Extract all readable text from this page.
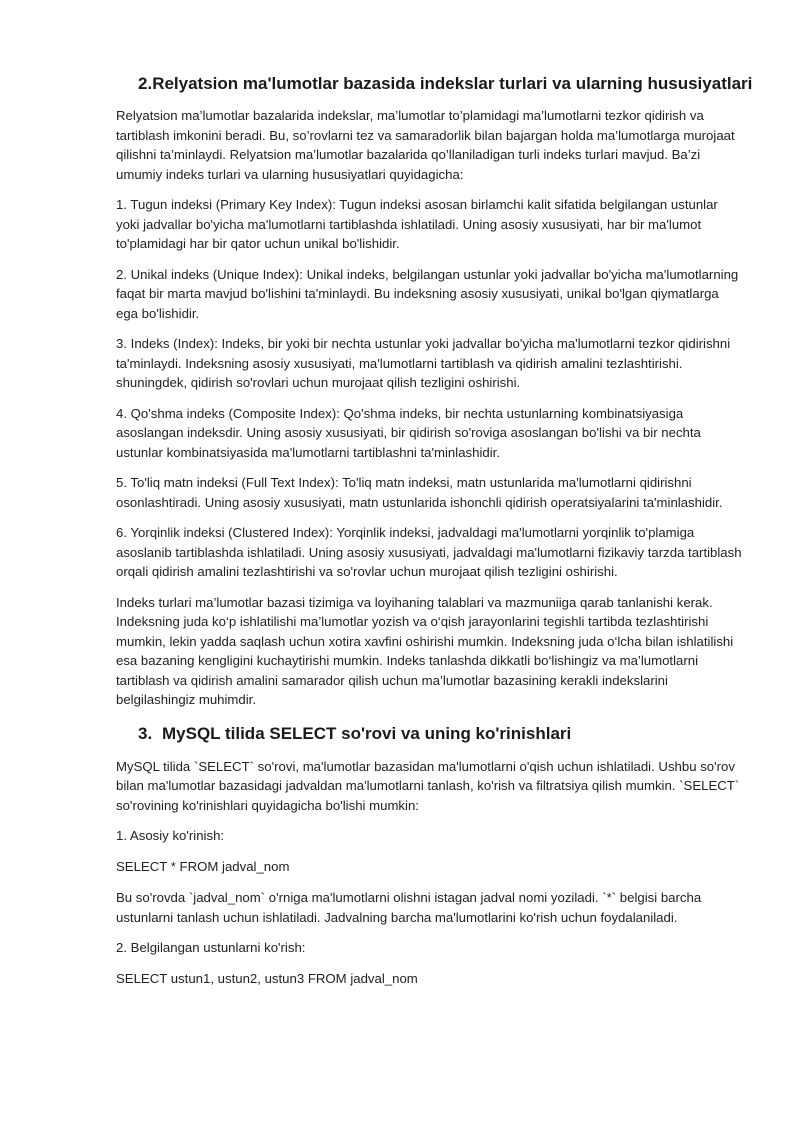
2. Relyatsion ma'lumotlar bazasida indekslar turlari va ularning hususiyatlari

Relyatsion ma’lumotlar bazalarida indekslar, ma’lumotlar to’plamidagi ma’lumotlarni tezkor qidirish va tartiblash imkonini beradi. Bu, so’rovlarni tez va samaradorlik bilan bajargan holda ma’lumotlarga murojaat qilishni ta’minlaydi. Relyatsion ma’lumotlar bazalarida qo’llaniladigan turli indeks turlari mavjud. Ba’zi umumiy indeks turlari va ularning hususiyatlari quyidagicha:

1. Tugun indeksi (Primary Key Index): Tugun indeksi asosan birlamchi kalit sifatida belgilangan ustunlar yoki jadvallar bo'yicha ma'lumotlarni tartiblashda ishlatiladi. Uning asosiy xususiyati, har bir ma'lumot to'plamidagi har bir qator uchun unikal bo'lishidir.

2. Unikal indeks (Unique Index): Unikal indeks, belgilangan ustunlar yoki jadvallar bo'yicha ma'lumotlarning faqat bir marta mavjud bo'lishini ta'minlaydi. Bu indeksning asosiy xususiyati, unikal bo'lgan qiymatlarga ega bo'lishidir.

3. Indeks (Index): Indeks, bir yoki bir nechta ustunlar yoki jadvallar bo'yicha ma'lumotlarni tezkor qidirishni ta'minlaydi. Indeksning asosiy xususiyati, ma'lumotlarni tartiblash va qidirish amalini tezlashtirishi. shuningdek, qidirish so'rovlari uchun murojaat qilish tezligini oshirishi.

4. Qo'shma indeks (Composite Index): Qo'shma indeks, bir nechta ustunlarning kombinatsiyasiga asoslangan indeksdir. Uning asosiy xususiyati, bir qidirish so'roviga asoslangan bo'lishi va bir nechta ustunlar kombinatsiyasida ma'lumotlarni tartiblashni ta'minlashidir.

5. To'liq matn indeksi (Full Text Index): To'liq matn indeksi, matn ustunlarida ma'lumotlarni qidirishni osonlashtiradi. Uning asosiy xususiyati, matn ustunlarida ishonchli qidirish operatsiyalarini ta'minlashidir.

6. Yorqinlik indeksi (Clustered Index): Yorqinlik indeksi, jadvaldagi ma'lumotlarni yorqinlik to'plamiga asoslanib tartiblashda ishlatiladi. Uning asosiy xususiyati, jadvaldagi ma'lumotlarni fizikaviy tarzda tartiblash orqali qidirish amalini tezlashtirishi va so'rovlar uchun murojaat qilish tezligini oshirishi.

Indeks turlari ma’lumotlar bazasi tizimiga va loyihaning talablari va mazmuniiga qarab tanlanishi kerak. Indeksning juda ko‘p ishlatilishi ma’lumotlar yozish va o‘qish jarayonlarini tegishli tartibda tezlashtirishi mumkin, lekin yadda saqlash uchun xotira xavfini oshirishi mumkin. Indeksning juda o‘lcha bilan ishlatilishi esa bazaning kengligini kuchaytirishi mumkin. Indeks tanlashda dikkatli bo‘lishingiz va ma’lumotlarni tartiblash va qidirish amalini samarador qilish uchun ma’lumotlar bazasining kerakli indekslarini belgilashingiz muhimdir.

3. MySQL tilida SELECT so'rovi va uning ko'rinishlari

MySQL tilida `SELECT` so'rovi, ma'lumotlar bazasidan ma'lumotlarni o'qish uchun ishlatiladi. Ushbu so'rov bilan ma'lumotlar bazasidagi jadvaldan ma'lumotlarni tanlash, ko'rish va filtratsiya qilish mumkin. `SELECT` so'rovining ko'rinishlari quyidagicha bo'lishi mumkin:

1. Asosiy ko'rinish:

SELECT * FROM jadval_nom

Bu so'rovda `jadval_nom` o'rniga ma'lumotlarni olishni istagan jadval nomi yoziladi. `*` belgisi barcha ustunlarni tanlash uchun ishlatiladi. Jadvalning barcha ma'lumotlarini ko'rish uchun foydalaniladi.

2. Belgilangan ustunlarni ko'rish:

SELECT ustun1, ustun2, ustun3 FROM jadval_nom
